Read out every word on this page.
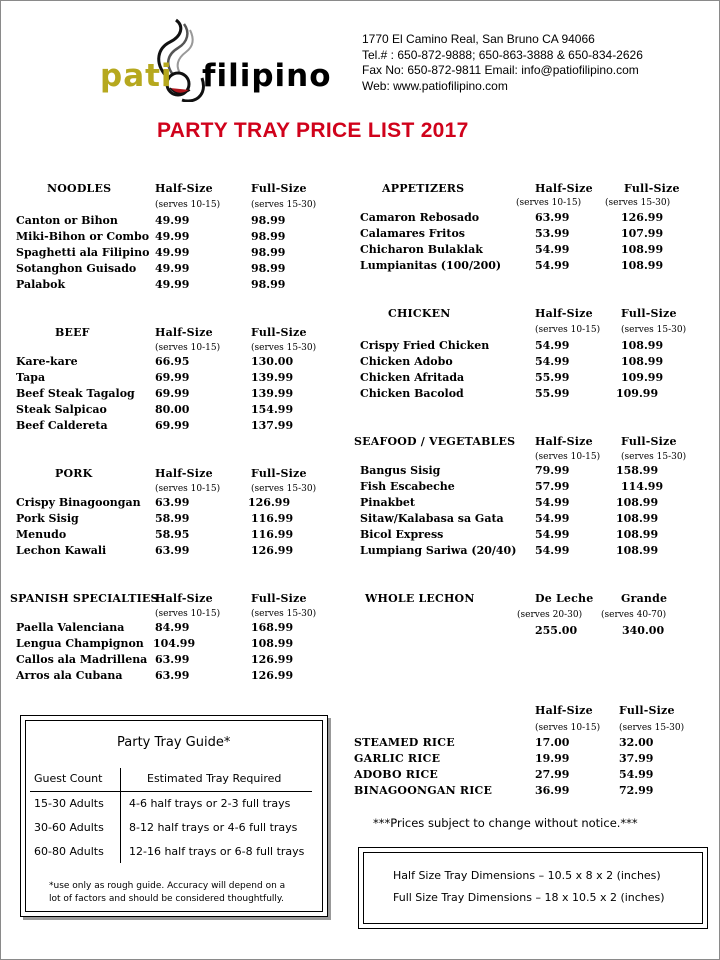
pati filipino
1770 El Camino Real, San Bruno CA 94066
Tel.# : 650-872-9888; 650-863-3888 & 650-834-2626
Fax No: 650-872-9811 Email: info@patiofilipino.com
Web: www.patiofilipino.com
PARTY TRAY PRICE LIST 2017
NOODLES	Half-Size	Full-Size
(serves 10-15)	(serves 15-30)
Canton or Bihon	49.99	98.99
Miki-Bihon or Combo 49.99	98.99
Spaghetti ala Filipino 49.99	98.99
Sotanghon Guisado 49.99	98.99
Palabok	49.99	98.99
BEEF	Half-Size	Full-Size
(serves 10-15)	(serves 15-30)
Kare-kare	66.95	130.00
Tapa	69.99	139.99
Beef Steak Tagalog 69.99	139.99
Steak Salpicao	80.00	154.99
Beef Caldereta	69.99	137.99
PORK	Half-Size	Full-Size
(serves 10-15)	(serves 15-30)
Crispy Binagoongan 63.99	126.99
Pork Sisig	58.99	116.99
Menudo	58.95	116.99
Lechon Kawali	63.99	126.99
SPANISH SPECIALTIES
Half-Size	Full-Size
(serves 10-15)	(serves 15-30)
Paella Valenciana	84.99	168.99
Lengua Champignon 104.99	108.99
Callos ala Madrillena 63.99	126.99
Arros ala Cubana	63.99	126.99
APPETIZERS	Half-Size	Full-Size
(serves 10-15)	(serves 15-30)
Camaron Rebosado	63.99	126.99
Calamares Fritos	53.99	107.99
Chicharon Bulaklak	54.99	108.99
Lumpianitas (100/200)	54.99	108.99
CHICKEN	Half-Size	Full-Size
(serves 10-15) (serves 15-30)
Crispy Fried Chicken	54.99	108.99
Chicken Adobo	54.99	108.99
Chicken Afritada	55.99	109.99
Chicken Bacolod	55.99	109.99
SEAFOOD / VEGETABLES Half-Size	Full-Size
(serves 10-15) (serves 15-30)
Bangus Sisig	79.99	158.99
Fish Escabeche	57.99	114.99
Pinakbet	54.99	108.99
Sitaw/Kalabasa sa Gata	54.99	108.99
Bicol Express	54.99	108.99
Lumpiang Sariwa (20/40) 54.99	108.99
WHOLE LECHON	De Leche	Grande
(serves 20-30) (serves 40-70)
255.00	340.00
Half-Size Full-Size
(serves 10-15) (serves 15-30)
STEAMED RICE	17.00	32.00
GARLIC RICE	19.99	37.99
ADOBO RICE	27.99	54.99
BINAGOONGAN RICE	36.99	72.99
***Prices subject to change without notice.***
Party Tray Guide*
Guest Count	Estimated Tray Required
15-30 Adults 4-6 half trays or 2-3 full trays
30-60 Adults 8-12 half trays or 4-6 full trays
60-80 Adults 12-16 half trays or 6-8 full trays
*use only as rough guide. Accuracy will depend on a
lot of factors and should be considered thoughtfully.
Half Size Tray Dimensions – 10.5 x 8 x 2 (inches)
Full Size Tray Dimensions – 18 x 10.5 x 2 (inches)
